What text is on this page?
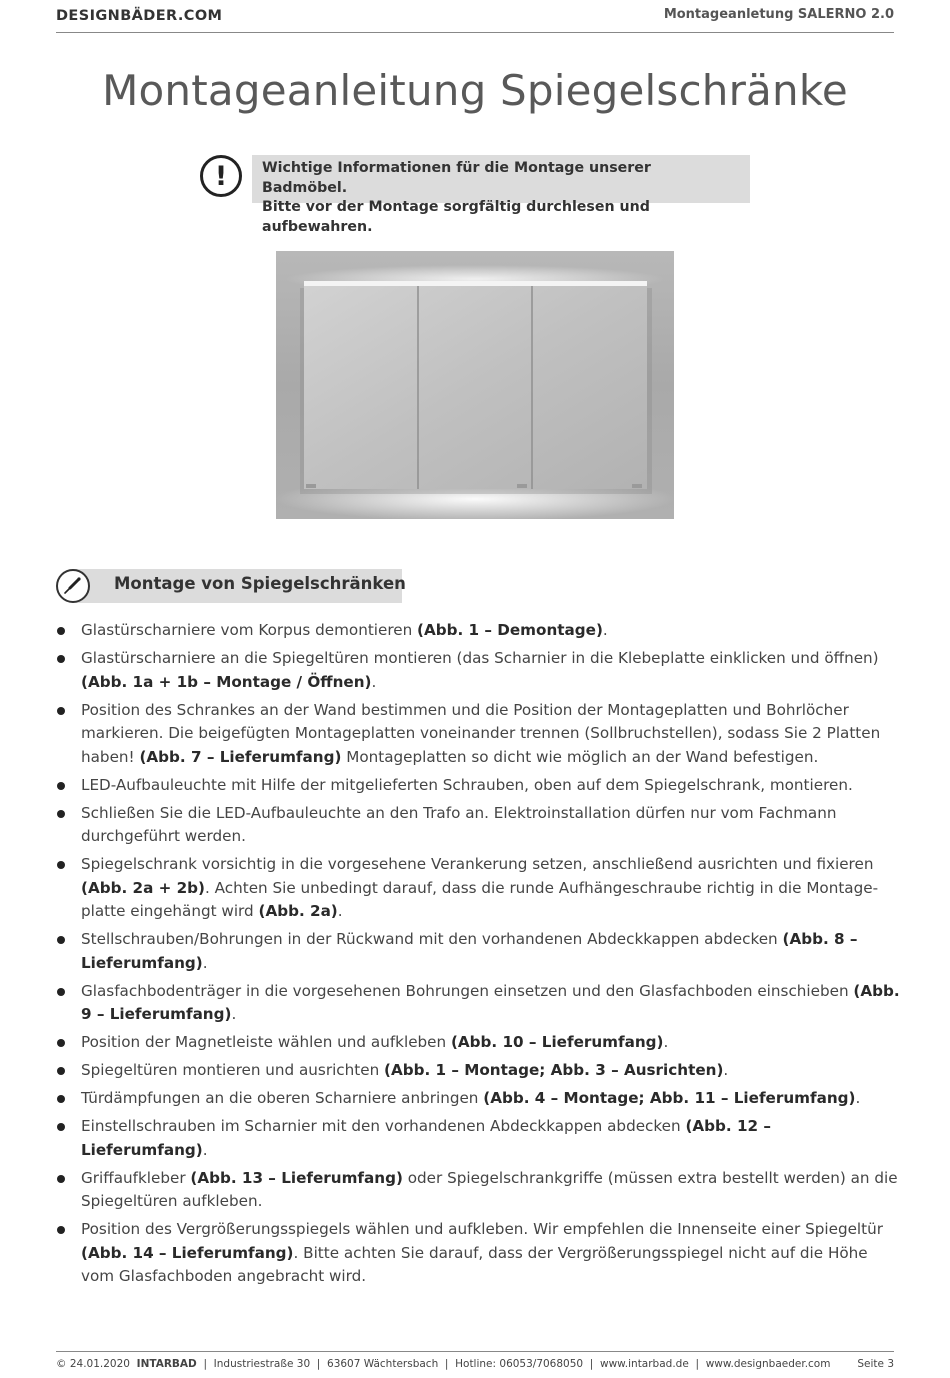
DESIGNBÄDER.COM	Montageanletung SALERNO 2.0
Montageanleitung Spiegelschränke
!	Wichtige Informationen für die Montage unserer Badmöbel.
Bitte vor der Montage sorgfältig durchlesen und aufbewahren.
Montage von Spiegelschränken
Glastürscharniere vom Korpus demontieren (Abb. 1 – Demontage).
Glastürscharniere an die Spiegeltüren montieren (das Scharnier in die Klebeplatte einklicken und öffnen) (Abb. 1a + 1b – Montage / Öffnen).
Position des Schrankes an der Wand bestimmen und die Position der Montageplatten und Bohrlöcher markieren. Die beigefügten Montageplatten voneinander trennen (Sollbruchstellen), sodass Sie 2 Platten haben! (Abb. 7 – Lieferumfang) Montageplatten so dicht wie möglich an der Wand befestigen.
LED-Aufbauleuchte mit Hilfe der mitgelieferten Schrauben, oben auf dem Spiegelschrank, montieren.
Schließen Sie die LED-Aufbauleuchte an den Trafo an. Elektroinstallation dürfen nur vom Fachmann durchgeführt werden.
Spiegelschrank vorsichtig in die vorgesehene Verankerung setzen, anschließend ausrichten und fixieren (Abb. 2a + 2b). Achten Sie unbedingt darauf, dass die runde Aufhängeschraube richtig in die Montage-platte eingehängt wird (Abb. 2a).
Stellschrauben/Bohrungen in der Rückwand mit den vorhandenen Abdeckkappen abdecken (Abb. 8 – Lieferumfang).
Glasfachbodenträger in die vorgesehenen Bohrungen einsetzen und den Glasfachboden einschieben (Abb. 9 – Lieferumfang).
Position der Magnetleiste wählen und aufkleben (Abb. 10 – Lieferumfang).
Spiegeltüren montieren und ausrichten (Abb. 1 – Montage; Abb. 3 – Ausrichten).
Türdämpfungen an die oberen Scharniere anbringen (Abb. 4 – Montage; Abb. 11 – Lieferumfang).
Einstellschrauben im Scharnier mit den vorhandenen Abdeckkappen abdecken (Abb. 12 – Lieferumfang).
Griffaufkleber (Abb. 13 – Lieferumfang) oder Spiegelschrankgriffe (müssen extra bestellt werden) an die Spiegeltüren aufkleben.
Position des Vergrößerungsspiegels wählen und aufkleben. Wir empfehlen die Innenseite einer Spiegeltür (Abb. 14 – Lieferumfang). Bitte achten Sie darauf, dass der Vergrößerungsspiegel nicht auf die Höhe vom Glasfachboden angebracht wird.
© 24.01.2020 INTARBAD  |  Industriestraße 30  |  63607 Wächtersbach  |  Hotline: 06053/7068050  |  www.intarbad.de  |  www.designbaeder.com	Seite 3
